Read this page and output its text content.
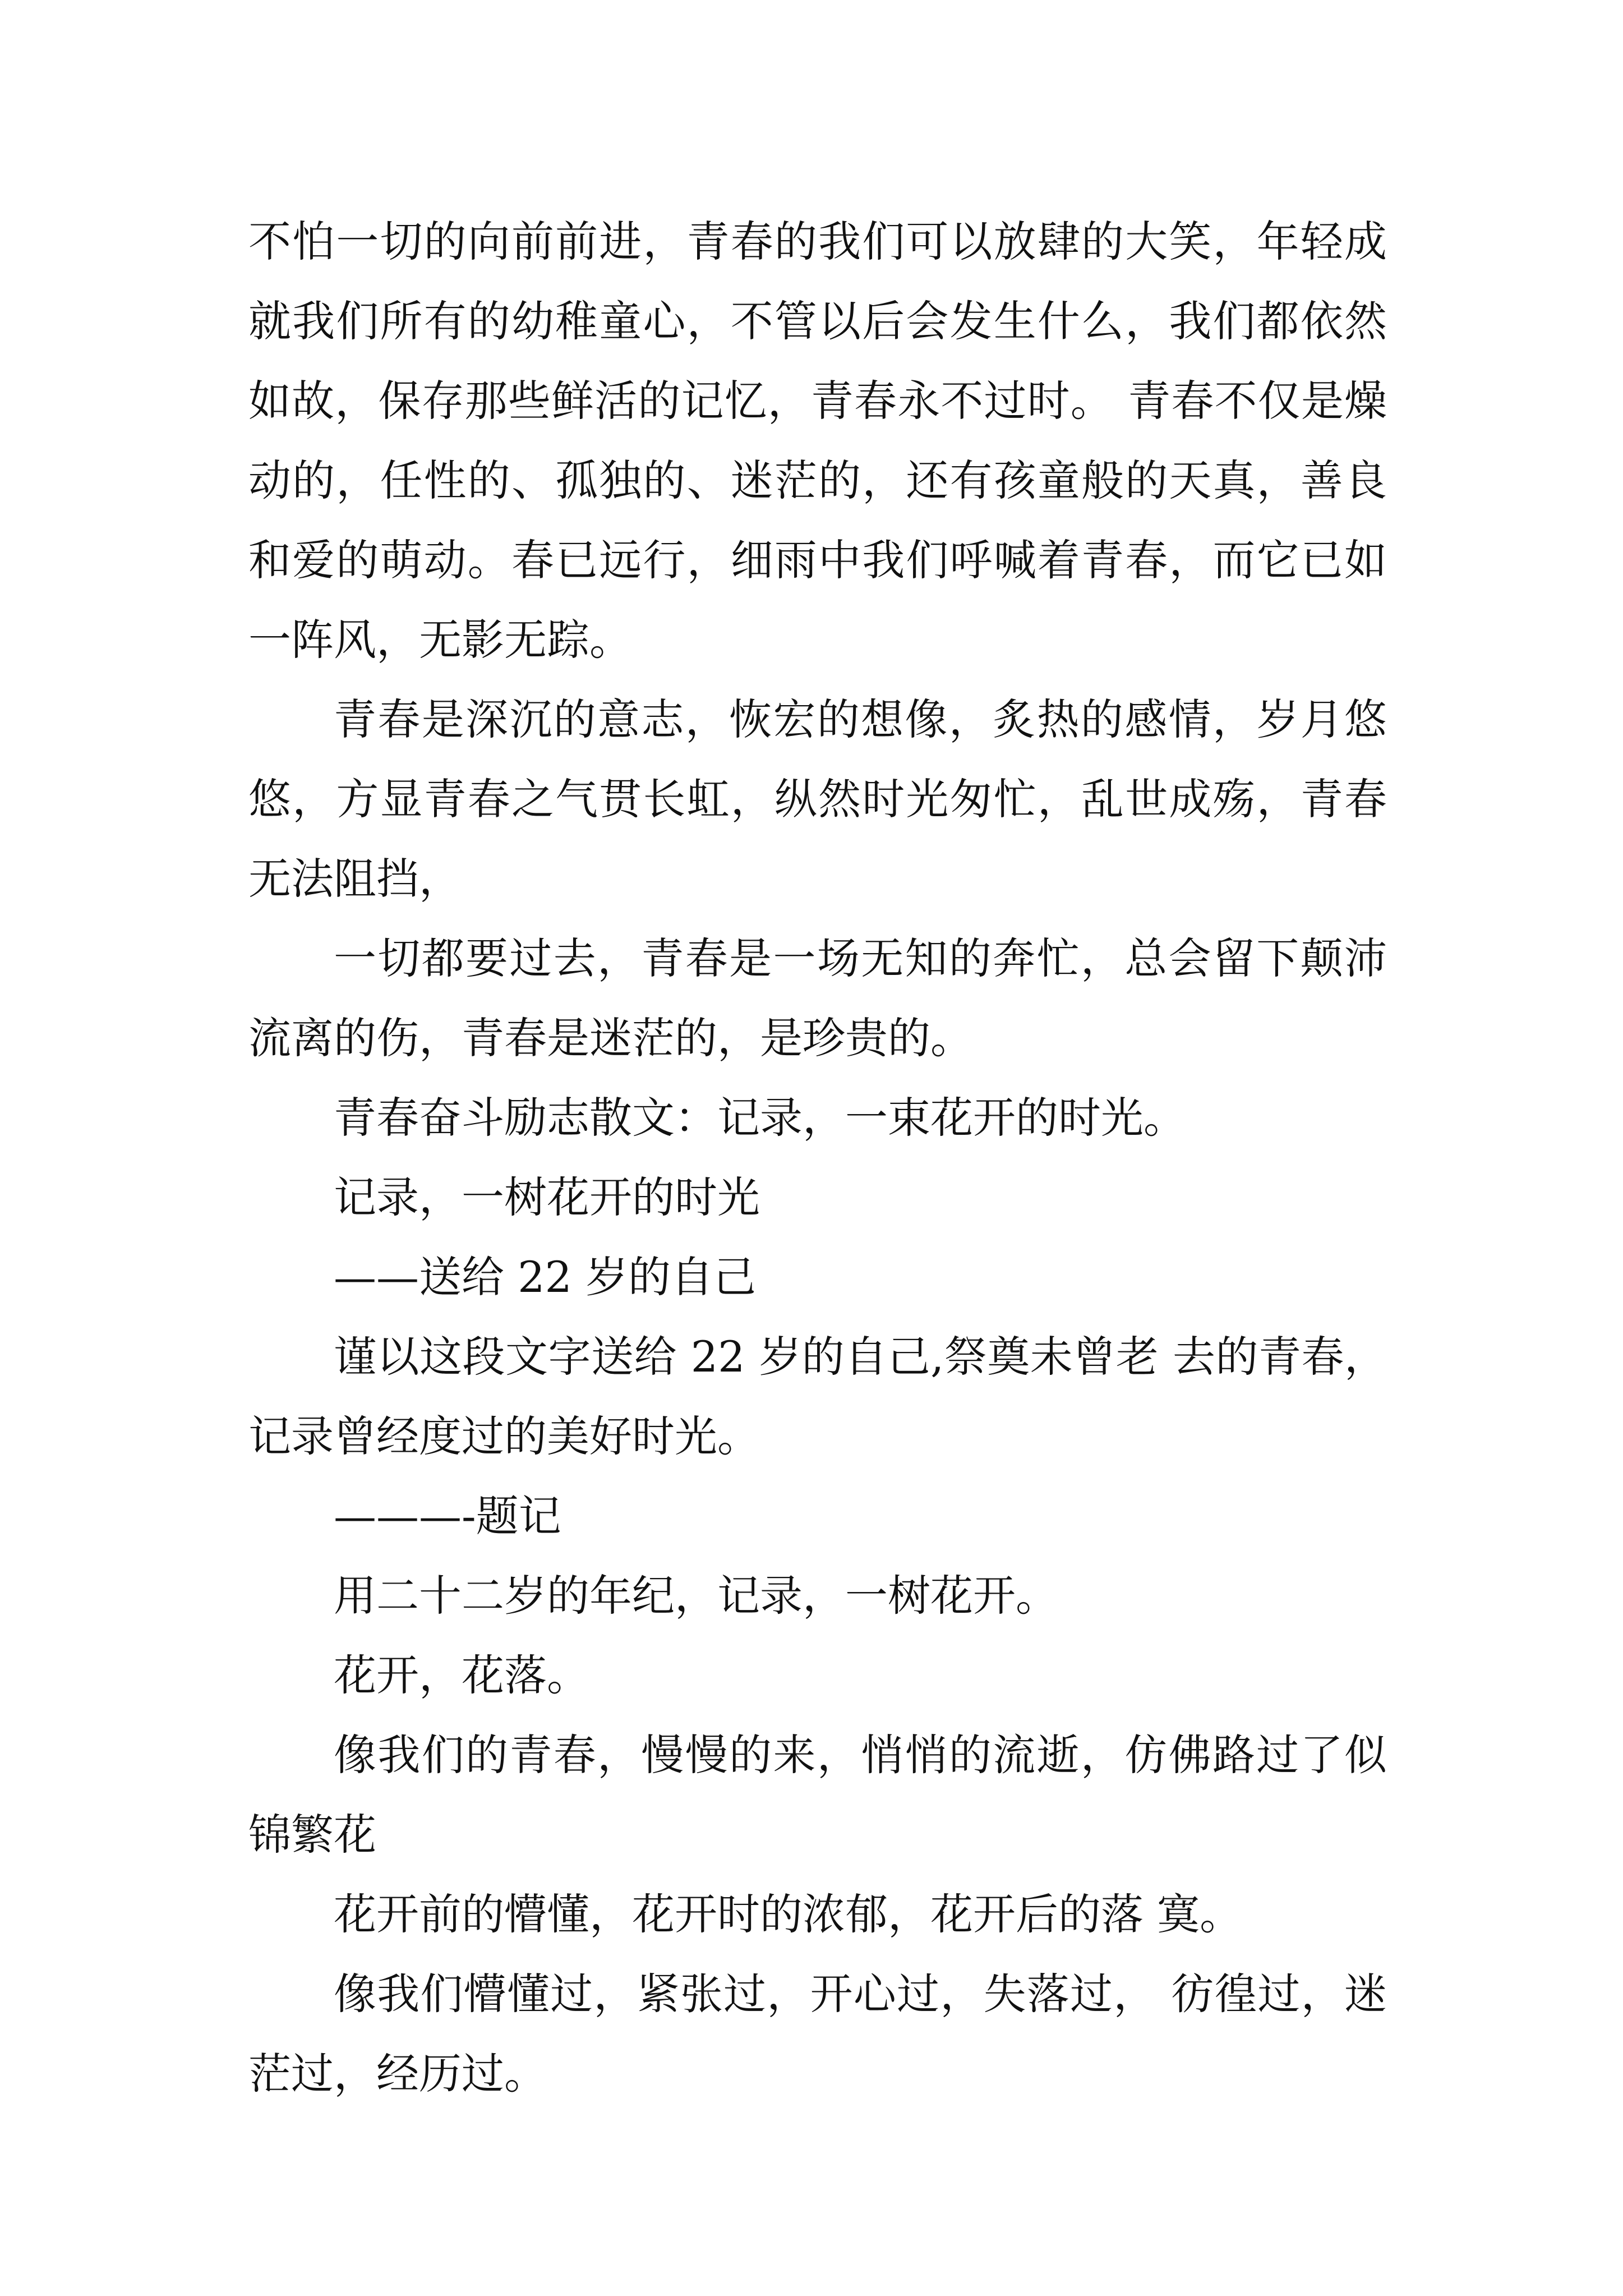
不怕一切的向前前进，青春的我们可以放肆的大笑，年轻成就我们所有的幼稚童心，不管以后会发生什么，我们都依然如故，保存那些鲜活的记忆，青春永不过时。 青春不仅是燥动的，任性的、孤独的、迷茫的，还有孩童般的天真，善良和爱的萌动。春已远行，细雨中我们呼喊着青春，而它已如一阵风，无影无踪。

青春是深沉的意志，恢宏的想像，炙热的感情，岁月悠悠，方显青春之气贯长虹，纵然时光匆忙，乱世成殇，青春无法阻挡，

一切都要过去，青春是一场无知的奔忙，总会留下颠沛流离的伤，青春是迷茫的，是珍贵的。

青春奋斗励志散文：记录，一束花开的时光。

记录，一树花开的时光

——送给 22 岁的自己

谨以这段文字送给 22 岁的自己,祭奠未曾老 去的青春，记录曾经度过的美好时光。

———-题记

用二十二岁的年纪，记录，一树花开。

花开，花落。

像我们的青春，慢慢的来，悄悄的流逝，仿佛路过了似锦繁花

花开前的懵懂，花开时的浓郁，花开后的落 寞。

像我们懵懂过，紧张过，开心过，失落过， 彷徨过，迷茫过，经历过。
